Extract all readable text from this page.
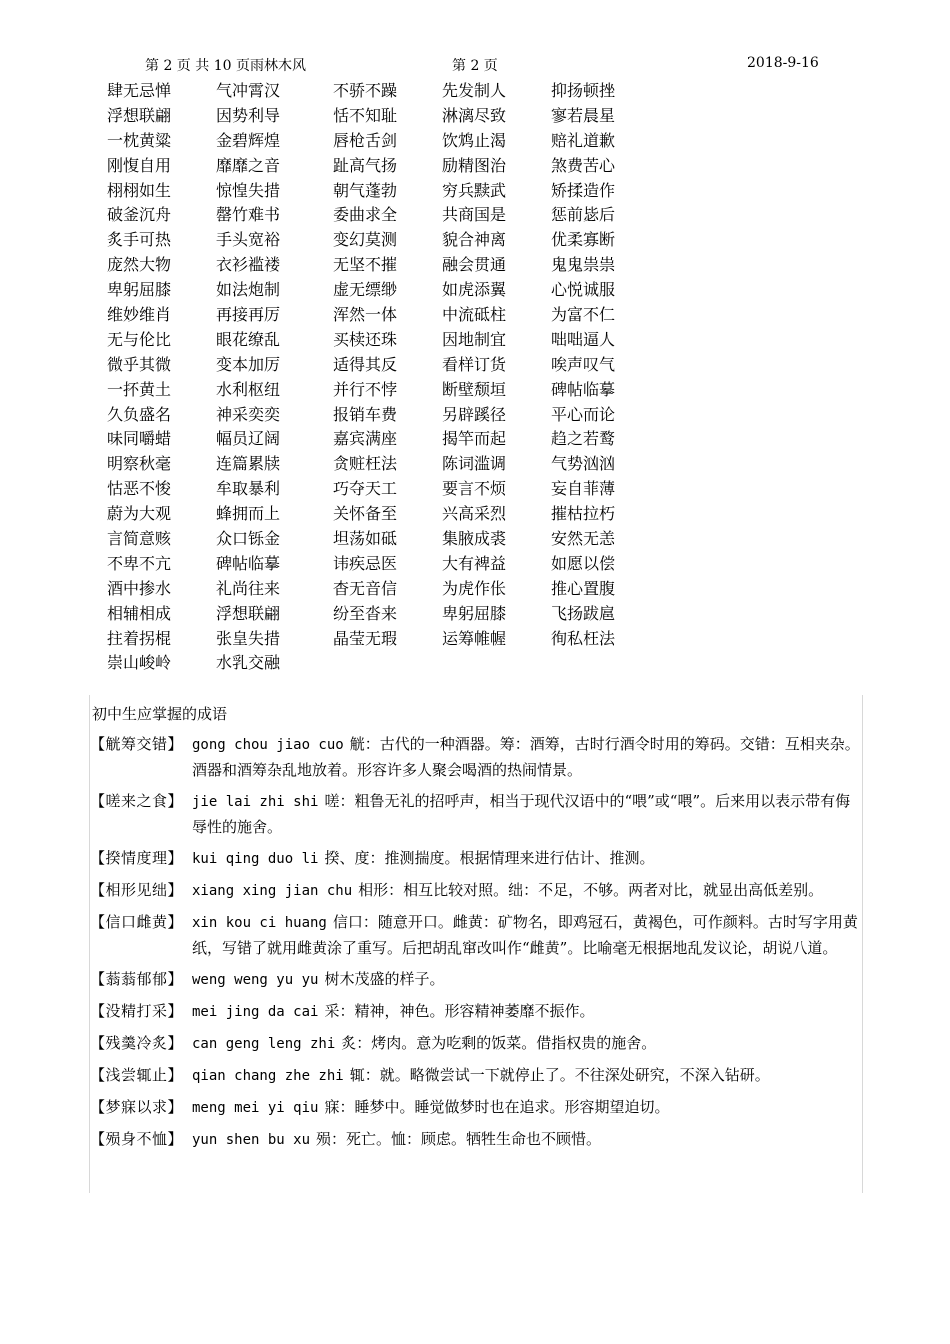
第 2 页 共 10 页雨林木风	第 2 页	2018-9-16
肆无忌惮	气冲霄汉	不骄不躁	先发制人	抑扬顿挫
浮想联翩	因势利导	恬不知耻	淋漓尽致	寥若晨星
一枕黄粱	金碧辉煌	唇枪舌剑	饮鸩止渴	赔礼道歉
刚愎自用	靡靡之音	趾高气扬	励精图治	煞费苦心
栩栩如生	惊惶失措	朝气蓬勃	穷兵黩武	矫揉造作
破釜沉舟	罄竹难书	委曲求全	共商国是	惩前毖后
炙手可热	手头宽裕	变幻莫测	貌合神离	优柔寡断
庞然大物	衣衫褴褛	无坚不摧	融会贯通	鬼鬼祟祟
卑躬屈膝	如法炮制	虚无缥缈	如虎添翼	心悦诚服
维妙维肖	再接再厉	浑然一体	中流砥柱	为富不仁
无与伦比	眼花缭乱	买椟还珠	因地制宜	咄咄逼人
微乎其微	变本加厉	适得其反	看样订货	唉声叹气
一抔黄土	水利枢纽	并行不悖	断壁颓垣	碑帖临摹
久负盛名	神采奕奕	报销车费	另辟蹊径	平心而论
味同嚼蜡	幅员辽阔	嘉宾满座	揭竿而起	趋之若鹜
明察秋毫	连篇累牍	贪赃枉法	陈词滥调	气势汹汹
怙恶不悛	牟取暴利	巧夺天工	要言不烦	妄自菲薄
蔚为大观	蜂拥而上	关怀备至	兴高采烈	摧枯拉朽
言简意赅	众口铄金	坦荡如砥	集腋成裘	安然无恙
不卑不亢	碑帖临摹	讳疾忌医	大有裨益	如愿以偿
酒中掺水	礼尚往来	杳无音信	为虎作伥	推心置腹
相辅相成	浮想联翩	纷至沓来	卑躬屈膝	飞扬跋扈
拄着拐棍	张皇失措	晶莹无瑕	运筹帷幄	徇私枉法
崇山峻岭	水乳交融
初中生应掌握的成语
【觥筹交错】 gong chou jiao cuo 觥：古代的一种酒器。筹：酒筹，古时行酒令时用的筹码。交错：互相夹杂。酒器和酒筹杂乱地放着。形容许多人聚会喝酒的热闹情景。
【嗟来之食】 jie lai zhi shi 嗟：粗鲁无礼的招呼声，相当于现代汉语中的“喂”或“喂”。后来用以表示带有侮辱性的施舍。
【揆情度理】 kui qing duo li 揆、度：推测揣度。根据情理来进行估计、推测。
【相形见绌】 xiang xing jian chu 相形：相互比较对照。绌：不足，不够。两者对比，就显出高低差别。
【信口雌黄】 xin kou ci huang 信口：随意开口。雌黄：矿物名，即鸡冠石，黄褐色，可作颜料。古时写字用黄纸，写错了就用雌黄涂了重写。后把胡乱窜改叫作“雌黄”。比喻毫无根据地乱发议论，胡说八道。
【蓊蓊郁郁】 weng weng yu yu 树木茂盛的样子。
【没精打采】 mei jing da cai 采：精神，神色。形容精神萎靡不振作。
【残羹冷炙】 can geng leng zhi 炙：烤肉。意为吃剩的饭菜。借指权贵的施舍。
【浅尝辄止】 qian chang zhe zhi 辄：就。略微尝试一下就停止了。不往深处研究，不深入钻研。
【梦寐以求】 meng mei yi qiu 寐：睡梦中。睡觉做梦时也在追求。形容期望迫切。
【殒身不恤】 yun shen bu xu 殒：死亡。恤：顾虑。牺牲生命也不顾惜。
